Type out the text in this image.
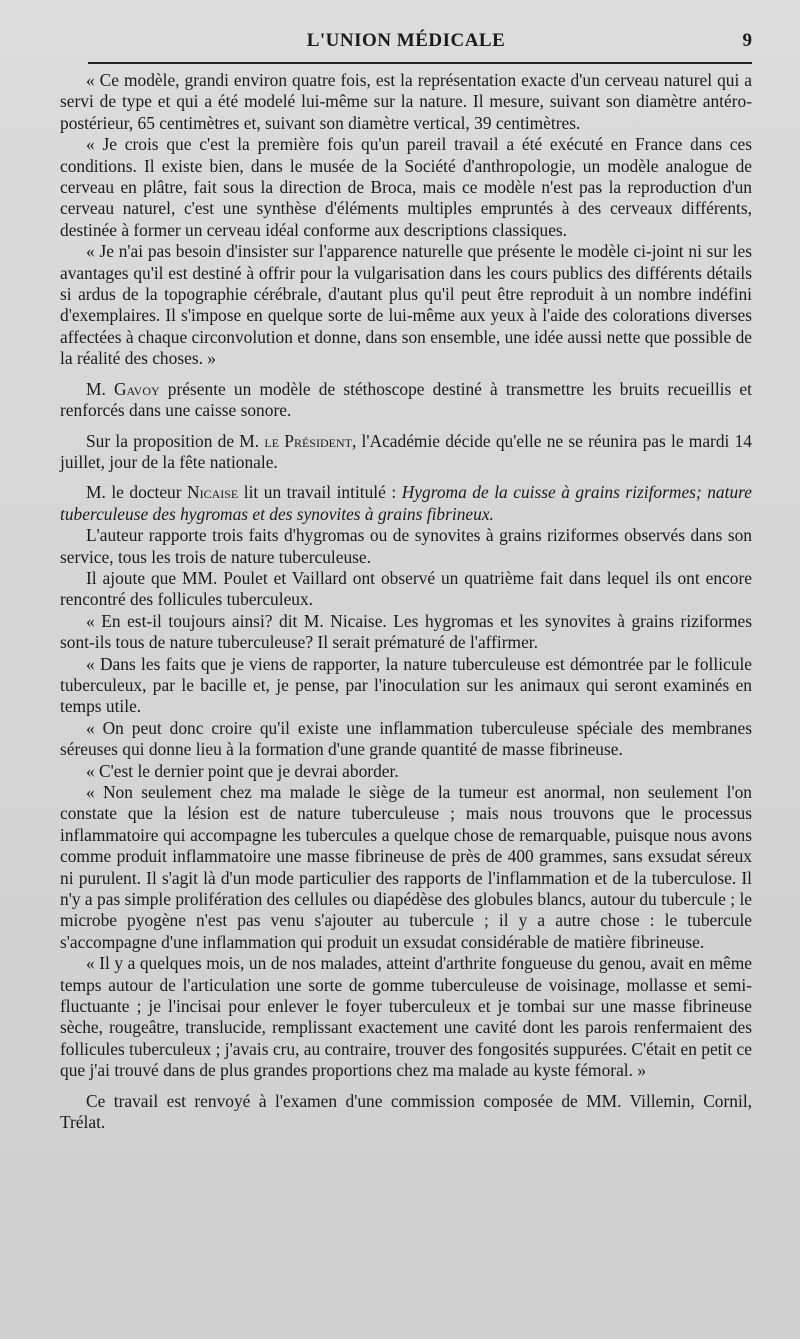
L'UNION MÉDICALE	9

« Ce modèle, grandi environ quatre fois, est la représentation exacte d'un cerveau naturel qui a servi de type et qui a été modelé lui-même sur la nature. Il mesure, suivant son diamètre antéro-postérieur, 65 centimètres et, suivant son diamètre vertical, 39 centimètres.

« Je crois que c'est la première fois qu'un pareil travail a été exécuté en France dans ces conditions. Il existe bien, dans le musée de la Société d'anthropologie, un modèle analogue de cerveau en plâtre, fait sous la direction de Broca, mais ce modèle n'est pas la reproduction d'un cerveau naturel, c'est une synthèse d'éléments multiples empruntés à des cerveaux différents, destinée à former un cerveau idéal conforme aux descriptions classiques.

« Je n'ai pas besoin d'insister sur l'apparence naturelle que présente le modèle ci-joint ni sur les avantages qu'il est destiné à offrir pour la vulgarisation dans les cours publics des différents détails si ardus de la topographie cérébrale, d'autant plus qu'il peut être reproduit à un nombre indéfini d'exemplaires. Il s'impose en quelque sorte de lui-même aux yeux à l'aide des colorations diverses affectées à chaque circonvolution et donne, dans son ensemble, une idée aussi nette que possible de la réalité des choses. »

M. Gavoy présente un modèle de stéthoscope destiné à transmettre les bruits recueillis et renforcés dans une caisse sonore.

Sur la proposition de M. le Président, l'Académie décide qu'elle ne se réunira pas le mardi 14 juillet, jour de la fête nationale.

M. le docteur Nicaise lit un travail intitulé : Hygroma de la cuisse à grains riziformes; nature tuberculeuse des hygromas et des synovites à grains fibrineux.

L'auteur rapporte trois faits d'hygromas ou de synovites à grains riziformes observés dans son service, tous les trois de nature tuberculeuse.

Il ajoute que MM. Poulet et Vaillard ont observé un quatrième fait dans lequel ils ont encore rencontré des follicules tuberculeux.

« En est-il toujours ainsi? dit M. Nicaise. Les hygromas et les synovites à grains riziformes sont-ils tous de nature tuberculeuse? Il serait prématuré de l'affirmer.

« Dans les faits que je viens de rapporter, la nature tuberculeuse est démontrée par le follicule tuberculeux, par le bacille et, je pense, par l'inoculation sur les animaux qui seront examinés en temps utile.

« On peut donc croire qu'il existe une inflammation tuberculeuse spéciale des membranes séreuses qui donne lieu à la formation d'une grande quantité de masse fibrineuse.

« C'est le dernier point que je devrai aborder.

« Non seulement chez ma malade le siège de la tumeur est anormal, non seulement l'on constate que la lésion est de nature tuberculeuse ; mais nous trouvons que le processus inflammatoire qui accompagne les tubercules a quelque chose de remarquable, puisque nous avons comme produit inflammatoire une masse fibrineuse de près de 400 grammes, sans exsudat séreux ni purulent. Il s'agit là d'un mode particulier des rapports de l'inflammation et de la tuberculose. Il n'y a pas simple prolifération des cellules ou diapédèse des globules blancs, autour du tubercule ; le microbe pyogène n'est pas venu s'ajouter au tubercule ; il y a autre chose : le tubercule s'accompagne d'une inflammation qui produit un exsudat considérable de matière fibrineuse.

« Il y a quelques mois, un de nos malades, atteint d'arthrite fongueuse du genou, avait en même temps autour de l'articulation une sorte de gomme tuberculeuse de voisinage, mollasse et semi-fluctuante ; je l'incisai pour enlever le foyer tuberculeux et je tombai sur une masse fibrineuse sèche, rougeâtre, translucide, remplissant exactement une cavité dont les parois renfermaient des follicules tuberculeux ; j'avais cru, au contraire, trouver des fongosités suppurées. C'était en petit ce que j'ai trouvé dans de plus grandes proportions chez ma malade au kyste fémoral. »

Ce travail est renvoyé à l'examen d'une commission composée de MM. Villemin, Cornil, Trélat.
